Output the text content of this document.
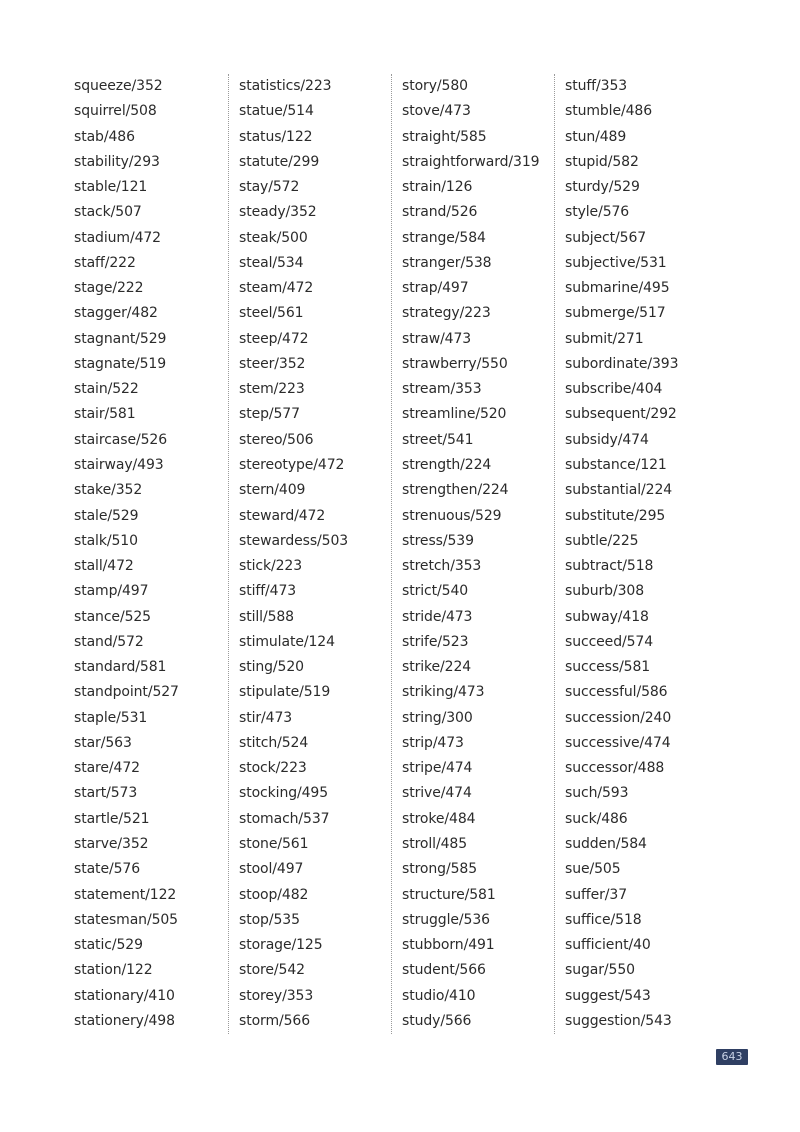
squeeze/352
squirrel/508
stab/486
stability/293
stable/121
stack/507
stadium/472
staff/222
stage/222
stagger/482
stagnant/529
stagnate/519
stain/522
stair/581
staircase/526
stairway/493
stake/352
stale/529
stalk/510
stall/472
stamp/497
stance/525
stand/572
standard/581
standpoint/527
staple/531
star/563
stare/472
start/573
startle/521
starve/352
state/576
statement/122
statesman/505
static/529
station/122
stationary/410
stationery/498
statistics/223
statue/514
status/122
statute/299
stay/572
steady/352
steak/500
steal/534
steam/472
steel/561
steep/472
steer/352
stem/223
step/577
stereo/506
stereotype/472
stern/409
steward/472
stewardess/503
stick/223
stiff/473
still/588
stimulate/124
sting/520
stipulate/519
stir/473
stitch/524
stock/223
stocking/495
stomach/537
stone/561
stool/497
stoop/482
stop/535
storage/125
store/542
storey/353
storm/566
story/580
stove/473
straight/585
straightforward/319
strain/126
strand/526
strange/584
stranger/538
strap/497
strategy/223
straw/473
strawberry/550
stream/353
streamline/520
street/541
strength/224
strengthen/224
strenuous/529
stress/539
stretch/353
strict/540
stride/473
strife/523
strike/224
striking/473
string/300
strip/473
stripe/474
strive/474
stroke/484
stroll/485
strong/585
structure/581
struggle/536
stubborn/491
student/566
studio/410
study/566
stuff/353
stumble/486
stun/489
stupid/582
sturdy/529
style/576
subject/567
subjective/531
submarine/495
submerge/517
submit/271
subordinate/393
subscribe/404
subsequent/292
subsidy/474
substance/121
substantial/224
substitute/295
subtle/225
subtract/518
suburb/308
subway/418
succeed/574
success/581
successful/586
succession/240
successive/474
successor/488
such/593
suck/486
sudden/584
sue/505
suffer/37
suffice/518
sufficient/40
sugar/550
suggest/543
suggestion/543
643
